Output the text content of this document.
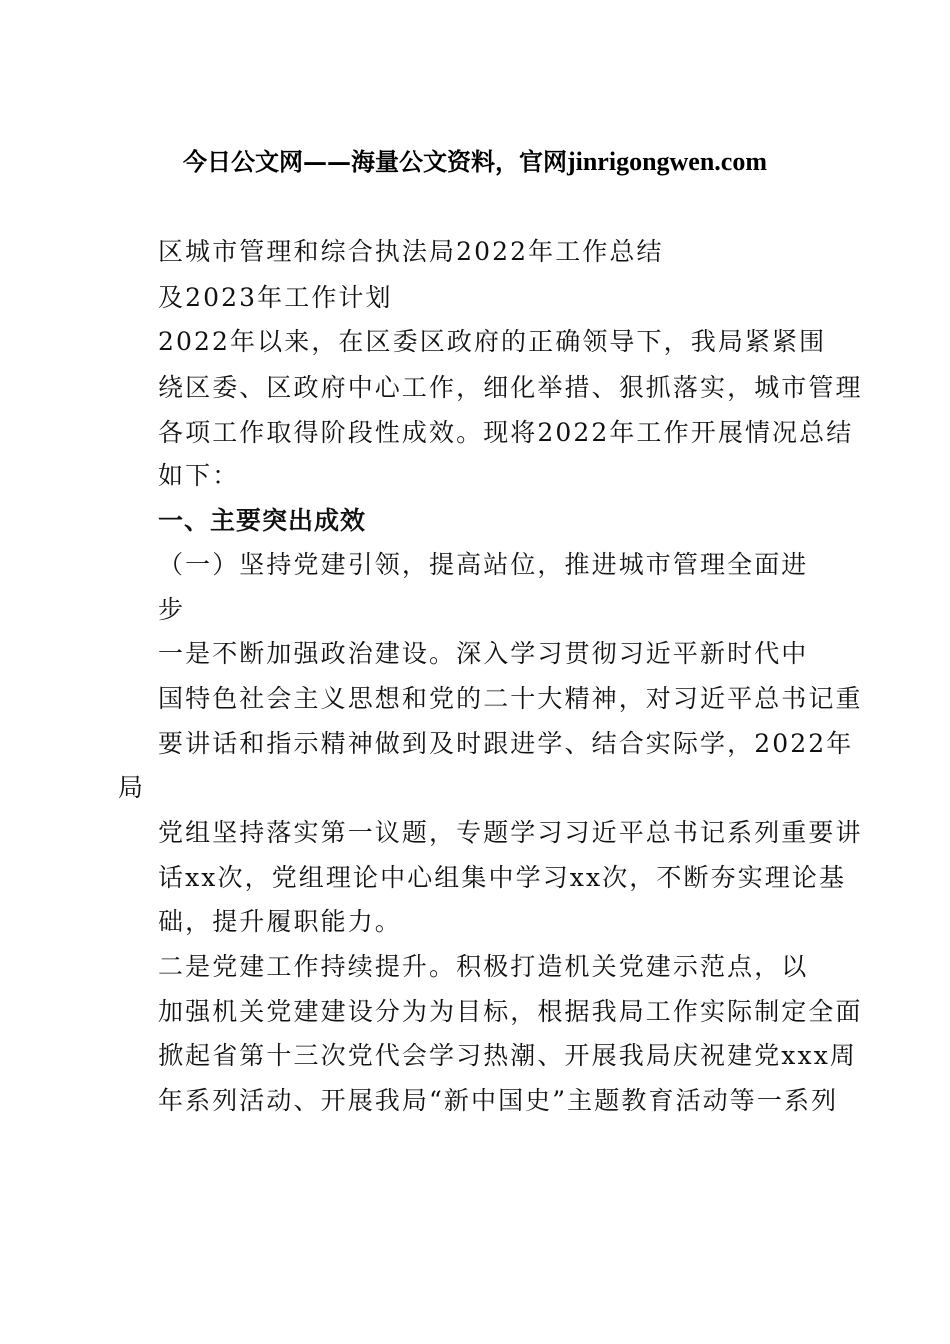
今日公文网——海量公文资料，官网jinrigongwen.com
区城市管理和综合执法局2022年工作总结
及2023年工作计划
2022年以来，在区委区政府的正确领导下，我局紧紧围
绕区委、区政府中心工作，细化举措、狠抓落实，城市管理
各项工作取得阶段性成效。现将2022年工作开展情况总结
如下：
一、主要突出成效
（一）坚持党建引领，提高站位，推进城市管理全面进
步
一是不断加强政治建设。深入学习贯彻习近平新时代中
国特色社会主义思想和党的二十大精神，对习近平总书记重
要讲话和指示精神做到及时跟进学、结合实际学，2022年
局
党组坚持落实第一议题，专题学习习近平总书记系列重要讲
话xx次，党组理论中心组集中学习xx次，不断夯实理论基
础，提升履职能力。
二是党建工作持续提升。积极打造机关党建示范点，以
加强机关党建建设分为为目标，根据我局工作实际制定全面
掀起省第十三次党代会学习热潮、开展我局庆祝建党xxx周
年系列活动、开展我局“新中国史”主题教育活动等一系列
